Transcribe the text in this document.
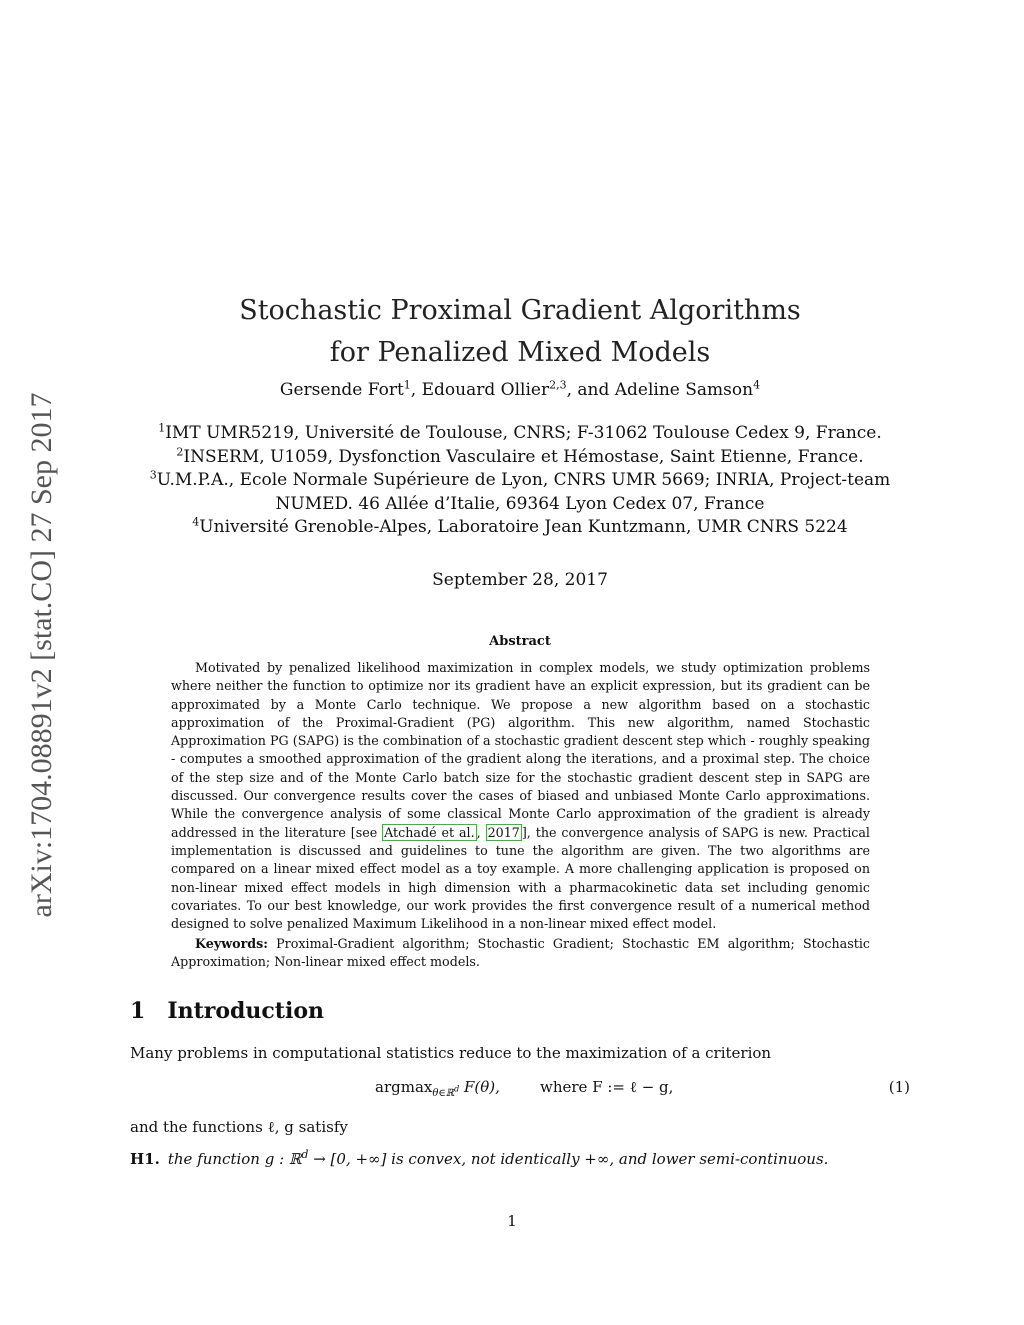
arXiv:1704.08891v2 [stat.CO] 27 Sep 2017
Stochastic Proximal Gradient Algorithms
for Penalized Mixed Models
Gersende Fort$^1$, Edouard Ollier$^{2,3}$, and Adeline Samson$^4$
$^1$IMT UMR5219, Université de Toulouse, CNRS; F-31062 Toulouse Cedex 9, France.
$^2$INSERM, U1059, Dysfonction Vasculaire et Hémostase, Saint Etienne, France.
$^3$U.M.P.A., Ecole Normale Supérieure de Lyon, CNRS UMR 5669; INRIA, Project-team
NUMED. 46 Allée d’Italie, 69364 Lyon Cedex 07, France
$^4$Université Grenoble-Alpes, Laboratoire Jean Kuntzmann, UMR CNRS 5224
September 28, 2017
Abstract
Motivated by penalized likelihood maximization in complex models, we study optimization problems where neither the function to optimize nor its gradient have an explicit expression, but its gradient can be approximated by a Monte Carlo technique. We propose a new algorithm based on a stochastic approximation of the Proximal-Gradient (PG) algorithm. This new algorithm, named Stochastic Approximation PG (SAPG) is the combination of a stochastic gradient descent step which - roughly speaking - computes a smoothed approximation of the gradient along the iterations, and a proximal step. The choice of the step size and of the Monte Carlo batch size for the stochastic gradient descent step in SAPG are discussed. Our convergence results cover the cases of biased and unbiased Monte Carlo approximations. While the convergence analysis of some classical Monte Carlo approximation of the gradient is already addressed in the literature [see Atchadé et al. , 2017 ], the convergence analysis of SAPG is new. Practical implementation is discussed and guidelines to tune the algorithm are given. The two algorithms are compared on a linear mixed effect model as a toy example. A more challenging application is proposed on non-linear mixed effect models in high dimension with a pharmacokinetic data set including genomic covariates. To our best knowledge, our work provides the first convergence result of a numerical method designed to solve penalized Maximum Likelihood in a non-linear mixed effect model.
Keywords: Proximal-Gradient algorithm; Stochastic Gradient; Stochastic EM algorithm; Stochastic Approximation; Non-linear mixed effect models.
1 Introduction
Many problems in computational statistics reduce to the maximization of a criterion
argmax$_{\theta\in ℝ^d}$ F(θ),	where F := ℓ − g,	(1)
and the functions ℓ, g satisfy
H1. the function g : ℝ$^d$ → [0, +∞] is convex, not identically +∞, and lower semi-continuous.
1
